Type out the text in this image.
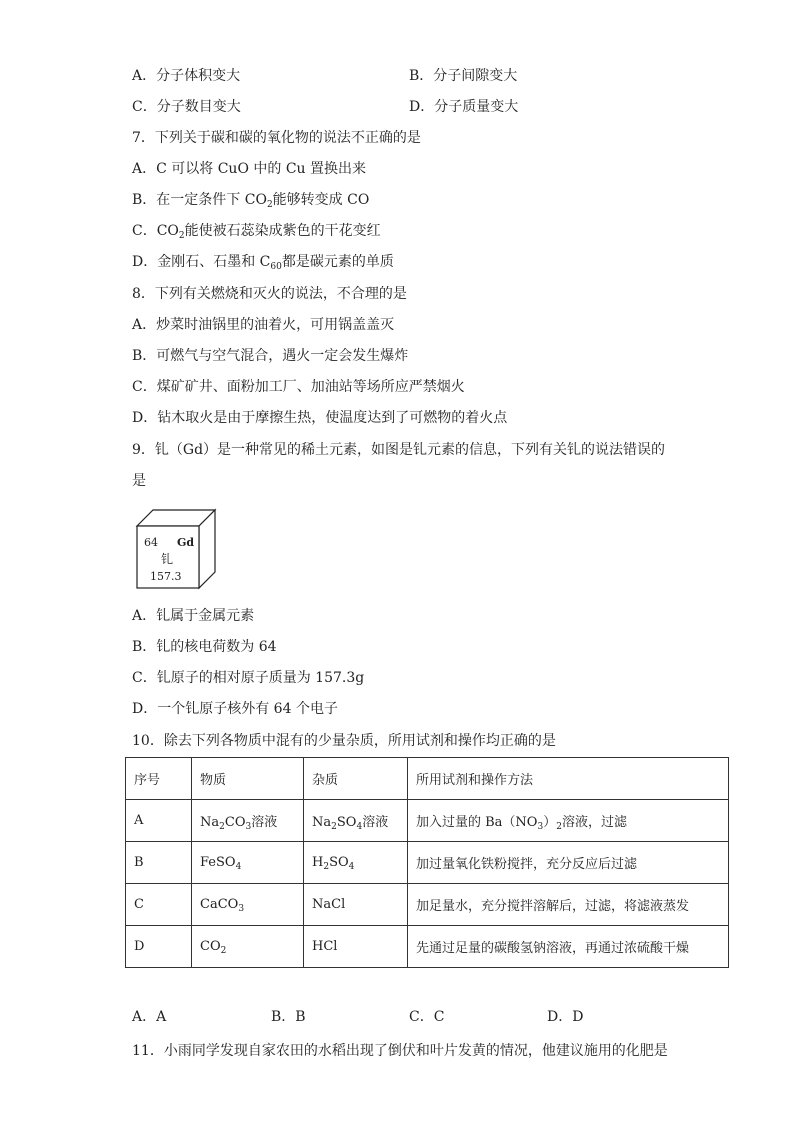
A．分子体积变大	B．分子间隙变大
C．分子数目变大	D．分子质量变大
7．下列关于碳和碳的氧化物的说法不正确的是
A．C 可以将 CuO 中的 Cu 置换出来
B．在一定条件下 $CO_2$能够转变成 CO
C．$CO_2$能使被石蕊染成紫色的干花变红
D．金刚石、石墨和 $C_{60}$都是碳元素的单质
8．下列有关燃烧和灭火的说法，不合理的是
A．炒菜时油锅里的油着火，可用锅盖盖灭
B．可燃气与空气混合，遇火一定会发生爆炸
C．煤矿矿井、面粉加工厂、加油站等场所应严禁烟火
D．钻木取火是由于摩擦生热，使温度达到了可燃物的着火点
9．钆（Gd）是一种常见的稀土元素，如图是钆元素的信息，下列有关钆的说法错误的
是
64 Gd
钆
157.3
A．钆属于金属元素
B．钆的核电荷数为 64
C．钆原子的相对原子质量为 157.3g
D．一个钆原子核外有 64 个电子
10．除去下列各物质中混有的少量杂质，所用试剂和操作均正确的是
序号	物质	杂质	所用试剂和操作方法
A	$Na_2CO_3$溶液	$Na_2SO_4$溶液	加入过量的 $Ba(NO_3)_2$溶液，过滤
B	FeSO$_4$	$H_2SO_4$	加过量氧化铁粉搅拌，充分反应后过滤
C	CaCO$_3$	NaCl	加足量水，充分搅拌溶解后，过滤，将滤液蒸发
D	$CO_2$	HCl	先通过足量的碳酸氢钠溶液，再通过浓硫酸干燥
A．A	B．B	C．C	D．D
11．小雨同学发现自家农田的水稻出现了倒伏和叶片发黄的情况，他建议施用的化肥是
